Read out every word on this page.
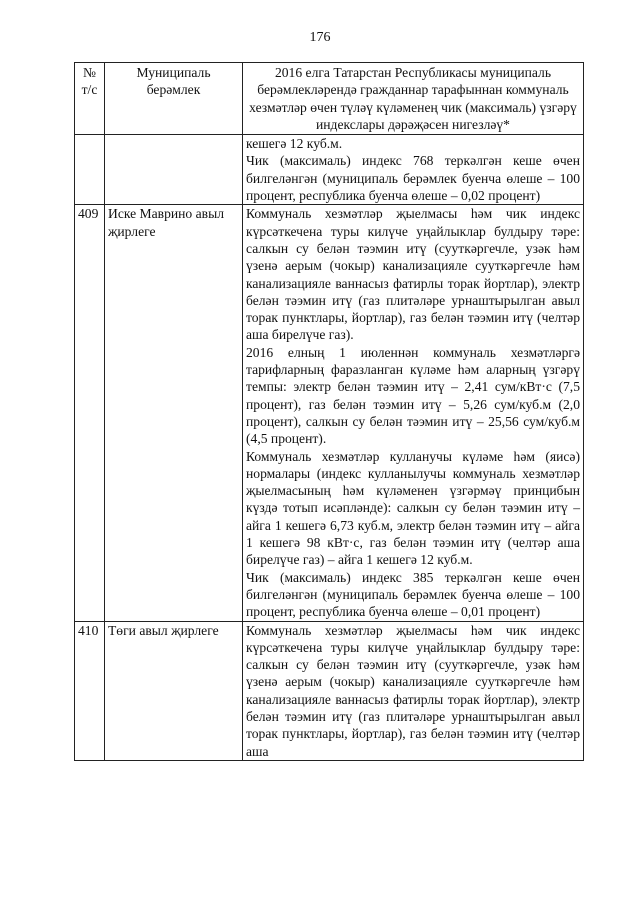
176
№ т/с	Муниципаль берәмлек	2016 елга Татарстан Республикасы муниципаль берәмлекләрендә гражданнар тарафыннан коммуналь хезмәтләр өчен түләү күләменең чик (максималь) үзгәрү индекслары дәрәҗәсен нигезләү*

		кешегә 12 куб.м.

Чик (максималь) индекс 768 теркәлгән кеше өчен билгеләнгән (муниципаль берәмлек буенча өлеше – 100 процент, республика буенча өлеше – 0,02 процент)

409	Иске Маврино авыл җирлеге	Коммуналь хезмәтләр җыелмасы һәм чик индекс күрсәткечена туры килүче уңайлыклар булдыру тәре: салкын су белән тәэмин итү (сууткәргечле, узәк һәм үзенә аерым (чокыр) канализацияле сууткәргечле һәм канализацияле ваннасыз фатирлы торак йортлар), электр белән тәэмин итү (газ плитәләре урнаштырылган авыл торак пунктлары, йортлар), газ белән тәэмин итү (челтәр аша бирелүче газ).

2016 елның 1 июленнән коммуналь хезмәтләргә тарифларның фаразланган күләме һәм аларның үзгәрү темпы: электр белән тәэмин итү – 2,41 сум/кВт·с (7,5 процент), газ белән тәэмин итү – 5,26 сум/куб.м (2,0 процент), салкын су белән тәэмин итү – 25,56 сум/куб.м (4,5 процент).

Коммуналь хезмәтләр кулланучы күләме һәм (яисә) нормалары (индекс кулланылучы коммуналь хезмәтләр җыелмасының һәм күләменен үзгәрмәү принцибын күздә тотып исәпләнде): салкын су белән тәэмин итү – айга 1 кешегә 6,73 куб.м, электр белән тәэмин итү – айга 1 кешегә 98 кВт·с, газ белән тәэмин итү (челтәр аша бирелүче газ) – айга 1 кешегә 12 куб.м.

Чик (максималь) индекс 385 теркәлгән кеше өчен билгеләнгән (муниципаль берәмлек буенча өлеше – 100 процент, республика буенча өлеше – 0,01 процент)

410	Төги авыл җирлеге	Коммуналь хезмәтләр җыелмасы һәм чик индекс күрсәткечена туры килүче уңайлыклар булдыру тәре: салкын су белән тәэмин итү (сууткәргечле, узәк һәм үзенә аерым (чокыр) канализацияле сууткәргечле һәм канализацияле ваннасыз фатирлы торак йортлар), электр белән тәэмин итү (газ плитәләре урнаштырылган авыл торак пунктлары, йортлар), газ белән тәэмин итү (челтәр аша
